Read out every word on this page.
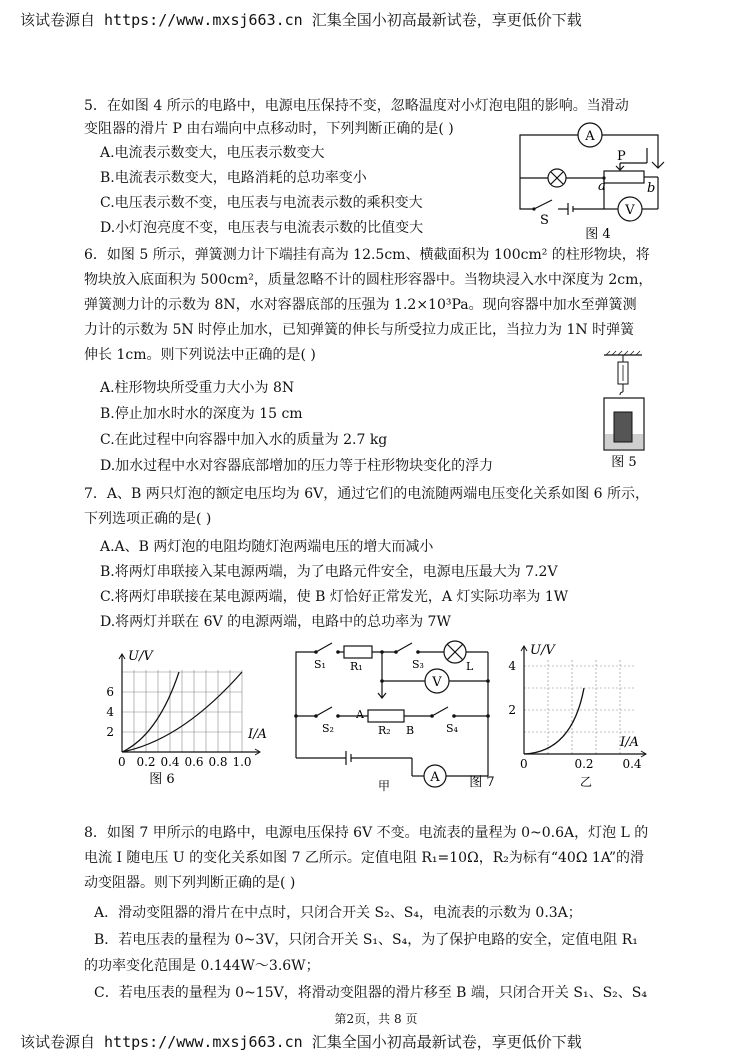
该试卷源自 https://www.mxsj663.cn 汇集全国小初高最新试卷，享更低价下载
5．在如图 4 所示的电路中，电源电压保持不变，忽略温度对小灯泡电阻的影响。当滑动
变阻器的滑片 P 由右端向中点移动时，下列判断正确的是( )
A.电流表示数变大，电压表示数变大
B.电流表示数变大，电路消耗的总功率变小
C.电压表示数不变，电压表与电流表示数的乘积变大
D.小灯泡亮度不变，电压表与电流表示数的比值变大
A
V
P
a	b
S
图 4
6．如图 5 所示，弹簧测力计下端挂有高为 12.5cm、横截面积为 100cm² 的柱形物块，将
物块放入底面积为 500cm²，质量忽略不计的圆柱形容器中。当物块浸入水中深度为 2cm，
弹簧测力计的示数为 8N，水对容器底部的压强为 1.2×10³Pa。现向容器中加水至弹簧测
力计的示数为 5N 时停止加水，已知弹簧的伸长与所受拉力成正比，当拉力为 1N 时弹簧
伸长 1cm。则下列说法中正确的是( )
A.柱形物块所受重力大小为 8N
B.停止加水时水的深度为 15 cm
C.在此过程中向容器中加入水的质量为 2.7 kg
D.加水过程中水对容器底部增加的压力等于柱形物块变化的浮力	图 5
7．A、B 两只灯泡的额定电压均为 6V，通过它们的电流随两端电压变化关系如图 6 所示，
下列选项正确的是( )
A.A、B 两灯泡的电阻均随灯泡两端电压的增大而减小
B.将两灯串联接入某电源两端，为了电路元件安全，电源电压最大为 7.2V
C.将两灯串联接在某电源两端，使 B 灯恰好正常发光，A 灯实际功率为 1W
D.将两灯并联在 6V 的电源两端，电路中的总功率为 7W
U/V
I/A
2
4
6
0 0.2 0.4 0.6 0.8 1.0
图 6
S₁ R₁	S₃	L
V
S₂
A
R₂ B	S₄
A
甲	图 7
U/V
I/A
2
4
0	0.2 0.4
乙
8．如图 7 甲所示的电路中，电源电压保持 6V 不变。电流表的量程为 0~0.6A，灯泡 L 的
电流 I 随电压 U 的变化关系如图 7 乙所示。定值电阻 R₁=10Ω，R₂为标有“40Ω 1A”的滑
动变阻器。则下列判断正确的是( )
A．滑动变阻器的滑片在中点时，只闭合开关 S₂、S₄，电流表的示数为 0.3A；
B．若电压表的量程为 0~3V，只闭合开关 S₁、S₄，为了保护电路的安全，定值电阻 R₁
的功率变化范围是 0.144W～3.6W；
C．若电压表的量程为 0~15V，将滑动变阻器的滑片移至 B 端，只闭合开关 S₁、S₂、S₄
第2页，共 8 页
该试卷源自 https://www.mxsj663.cn 汇集全国小初高最新试卷，享更低价下载
